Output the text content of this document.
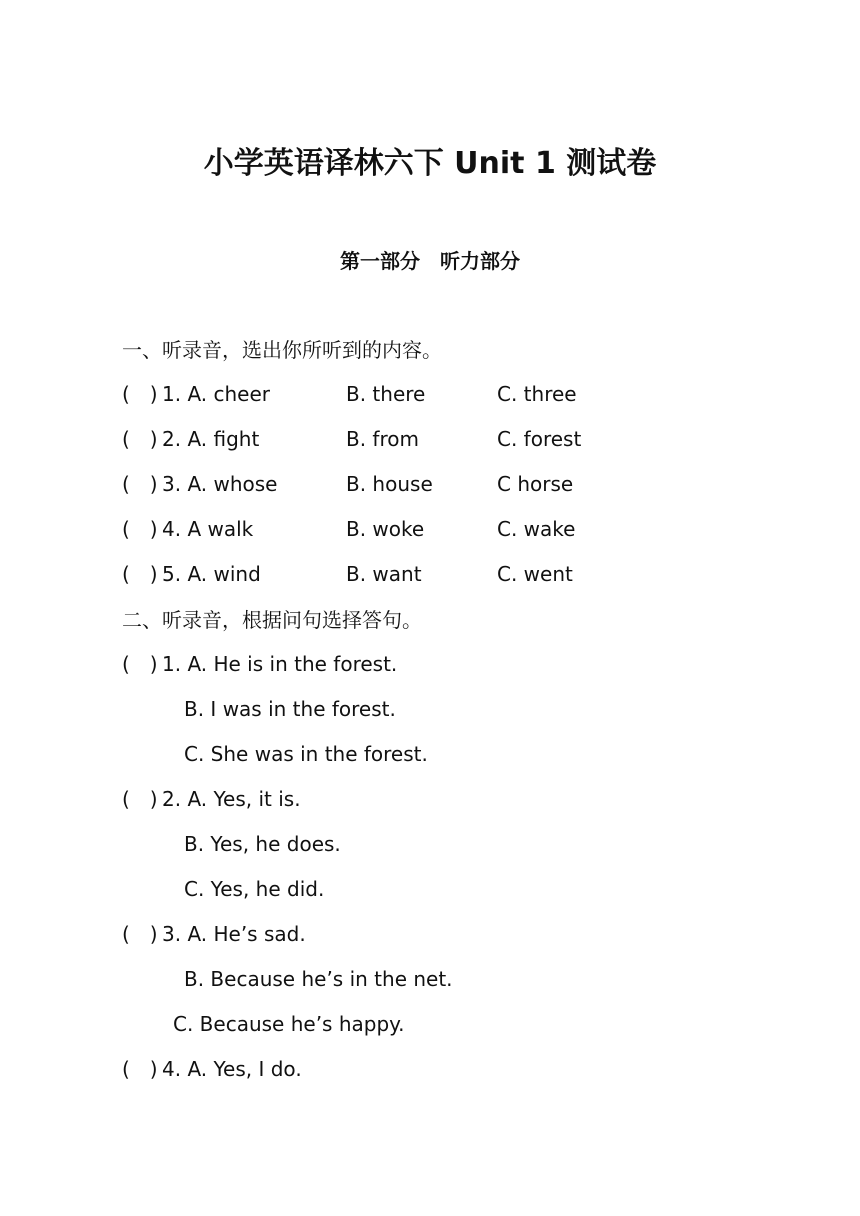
小学英语译林六下 Unit 1 测试卷
第一部分　听力部分
一、听录音，选出你所听到的内容。
(　) 1. A. cheer	B. there	C. three
(　) 2. A. fight	B. from	C. forest
(　) 3. A. whose	B. house	C horse
(　) 4. A walk	B. woke	C. wake
(　) 5. A. wind	B. want	C. went
二、听录音，根据问句选择答句。
(　) 1. A. He is in the forest.
B. I was in the forest.
C. She was in the forest.
(　) 2. A. Yes, it is.
B. Yes, he does.
C. Yes, he did.
(　) 3. A. He’s sad.
B. Because he’s in the net.
C. Because he’s happy.
(　) 4. A. Yes, I do.
